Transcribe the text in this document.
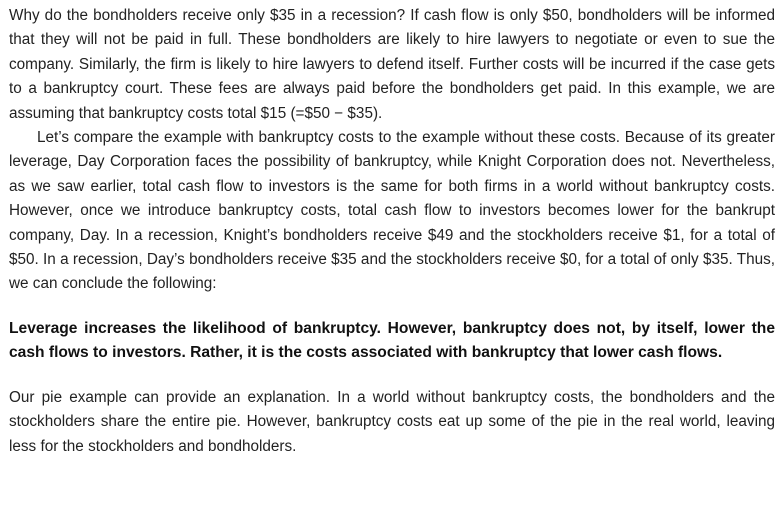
Why do the bondholders receive only $35 in a recession? If cash flow is only $50, bondholders will be informed that they will not be paid in full. These bondholders are likely to hire lawyers to negotiate or even to sue the company. Similarly, the firm is likely to hire lawyers to defend itself. Further costs will be incurred if the case gets to a bankruptcy court. These fees are always paid before the bondholders get paid. In this example, we are assuming that bankruptcy costs total $15 (=$50 − $35).

Let’s compare the example with bankruptcy costs to the example without these costs. Because of its greater leverage, Day Corporation faces the possibility of bankruptcy, while Knight Corporation does not. Nevertheless, as we saw earlier, total cash flow to investors is the same for both firms in a world without bankruptcy costs. However, once we introduce bankruptcy costs, total cash flow to investors becomes lower for the bankrupt company, Day. In a recession, Knight’s bondholders receive $49 and the stockholders receive $1, for a total of $50. In a recession, Day’s bondholders receive $35 and the stockholders receive $0, for a total of only $35. Thus, we can conclude the following:

Leverage increases the likelihood of bankruptcy. However, bankruptcy does not, by itself, lower the cash flows to investors. Rather, it is the costs associated with bankruptcy that lower cash flows.

Our pie example can provide an explanation. In a world without bankruptcy costs, the bondholders and the stockholders share the entire pie. However, bankruptcy costs eat up some of the pie in the real world, leaving less for the stockholders and bondholders.
